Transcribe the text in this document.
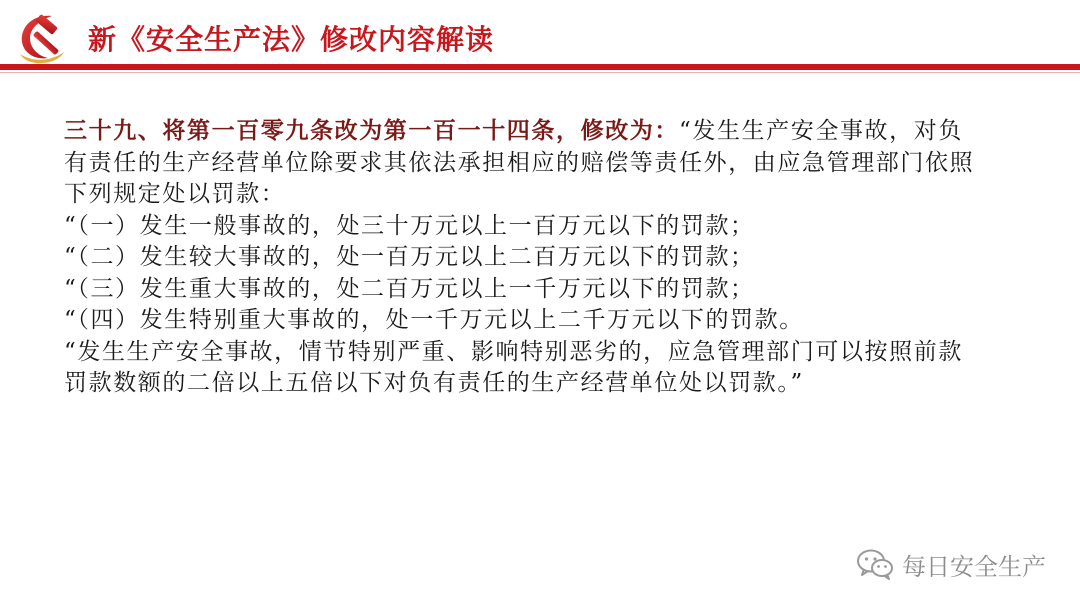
新《安全生产法》修改内容解读

三十九、将第一百零九条改为第一百一十四条，修改为：“发生生产安全事故，对负有责任的生产经营单位除要求其依法承担相应的赔偿等责任外，由应急管理部门依照下列规定处以罚款：

“（一）发生一般事故的，处三十万元以上一百万元以下的罚款；

“（二）发生较大事故的，处一百万元以上二百万元以下的罚款；

“（三）发生重大事故的，处二百万元以上一千万元以下的罚款；

“（四）发生特别重大事故的，处一千万元以上二千万元以下的罚款。

“发生生产安全事故，情节特别严重、影响特别恶劣的，应急管理部门可以按照前款罚款数额的二倍以上五倍以下对负有责任的生产经营单位处以罚款。”

每日安全生产
